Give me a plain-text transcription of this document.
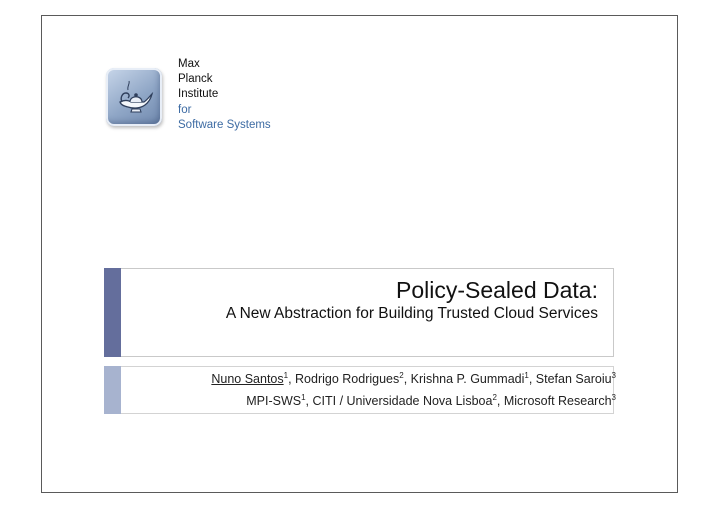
Max
Planck
Institute
for
Software Systems
Policy-Sealed Data:
A New Abstraction for Building Trusted Cloud Services
Nuno Santos$^1$, Rodrigo Rodrigues$^2$, Krishna P. Gummadi$^1$, Stefan Saroiu$^3$
MPI-SWS$^1$, CITI / Universidade Nova Lisboa$^2$, Microsoft Research$^3$
